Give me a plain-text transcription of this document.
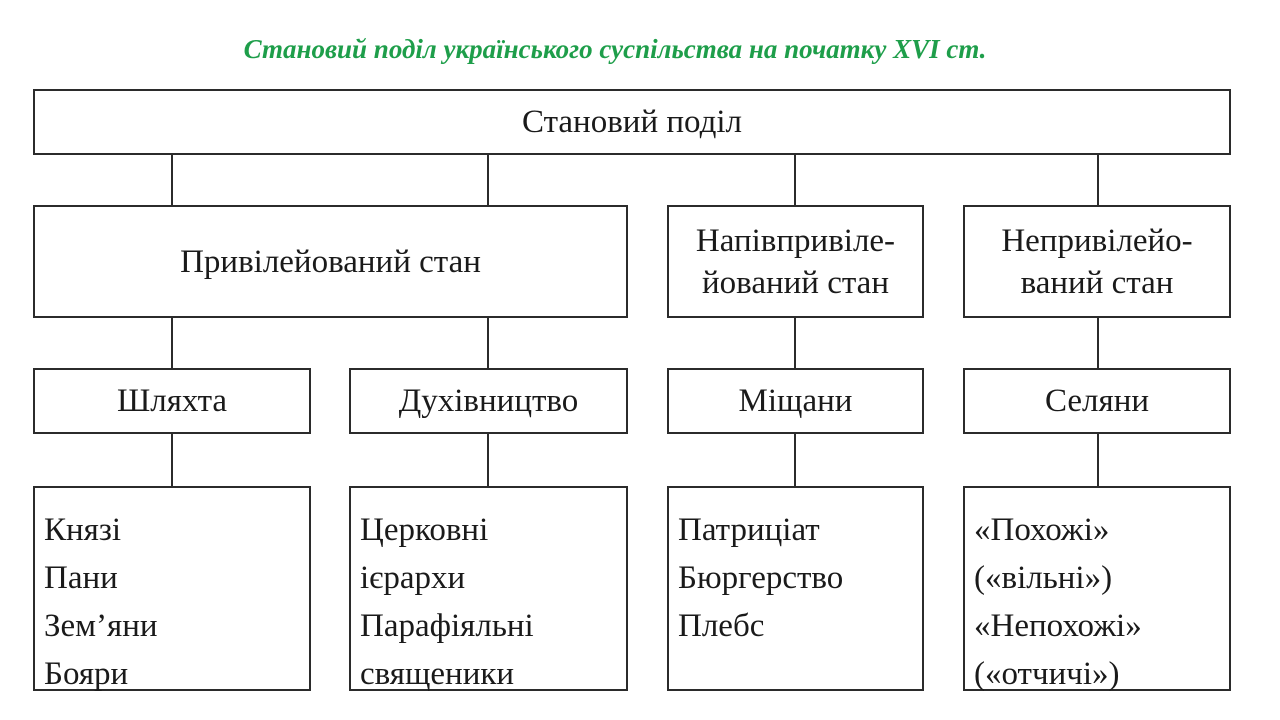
Становий поділ українського суспільства на початку XVI ст.
Становий поділ
Привілейований стан
Напівпривіле-
йований стан
Непривілейо-
ваний стан
Шляхта	Духівництво	Міщани	Селяни
Князі
Пани
Зем’яни
Бояри
Церковні
ієрархи
Парафіяльні
священики
Патриціат
Бюргерство
Плебс
«Похожі»
(«вільні»)
«Непохожі»
(«отчичі»)
